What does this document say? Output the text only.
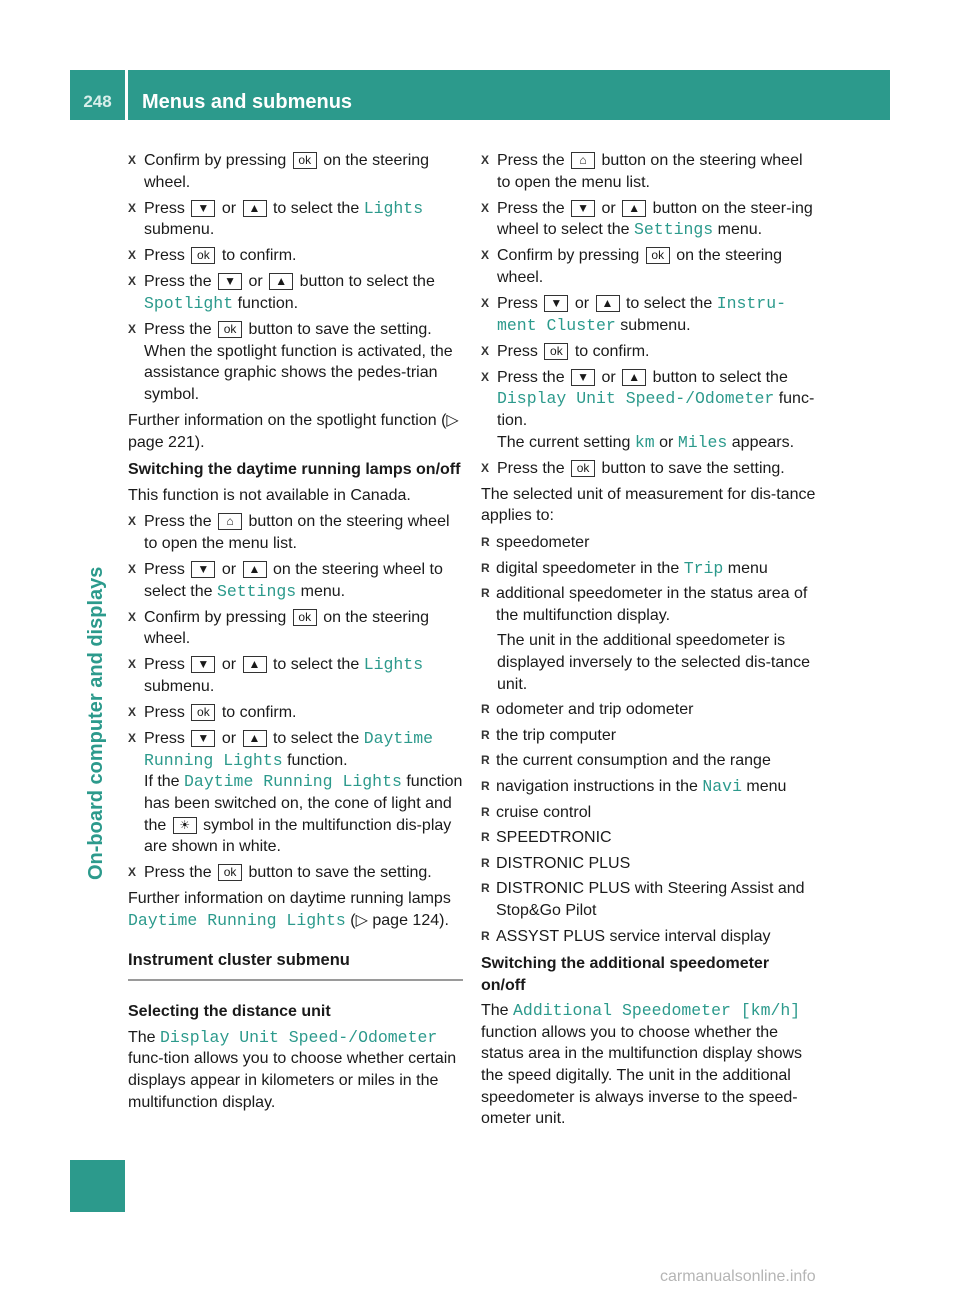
248	Menus and submenus
On-board computer and displays
X Confirm by pressing ok on the steering wheel.
X Press ▼ or ▲ to select the Lights submenu.
X Press ok to confirm.
X Press the ▼ or ▲ button to select the Spotlight function.
X Press the ok button to save the setting. When the spotlight function is activated, the assistance graphic shows the pedes‐trian symbol.
Further information on the spotlight function (▷ page 221).
Switching the daytime running lamps on/off
This function is not available in Canada.
X Press the ⌂ button on the steering wheel to open the menu list.
X Press ▼ or ▲ on the steering wheel to select the Settings menu.
X Confirm by pressing ok on the steering wheel.
X Press ▼ or ▲ to select the Lights submenu.
X Press ok to confirm.
X Press ▼ or ▲ to select the Daytime Running Lights function.
If the Daytime Running Lights function has been switched on, the cone of light and the ☀ symbol in the multifunction dis‐play are shown in white.
X Press the ok button to save the setting.
Further information on daytime running lamps Daytime Running Lights (▷ page 124).
Instrument cluster submenu
Selecting the distance unit
The Display Unit Speed-/Odometer func‐tion allows you to choose whether certain displays appear in kilometers or miles in the multifunction display.
X Press the ⌂ button on the steering wheel to open the menu list.
X Press the ▼ or ▲ button on the steer‐ing wheel to select the Settings menu.
X Confirm by pressing ok on the steering wheel.
X Press ▼ or ▲ to select the Instru‐ment Cluster submenu.
X Press ok to confirm.
X Press the ▼ or ▲ button to select the Display Unit Speed-/Odometer func‐tion.
The current setting km or Miles appears.
X Press the ok button to save the setting.
The selected unit of measurement for dis‐tance applies to:
R speedometer
R digital speedometer in the Trip menu
R additional speedometer in the status area of the multifunction display.
The unit in the additional speedometer is displayed inversely to the selected dis‐tance unit.
R odometer and trip odometer
R the trip computer
R the current consumption and the range
R navigation instructions in the Navi menu
R cruise control
R SPEEDTRONIC
R DISTRONIC PLUS
R DISTRONIC PLUS with Steering Assist and Stop&Go Pilot
R ASSYST PLUS service interval display
Switching the additional speedometer on/off
The Additional Speedometer [km/h] function allows you to choose whether the status area in the multifunction display shows the speed digitally. The unit in the additional speedometer is always inverse to the speed‐ometer unit.
carmanualsonline.info
